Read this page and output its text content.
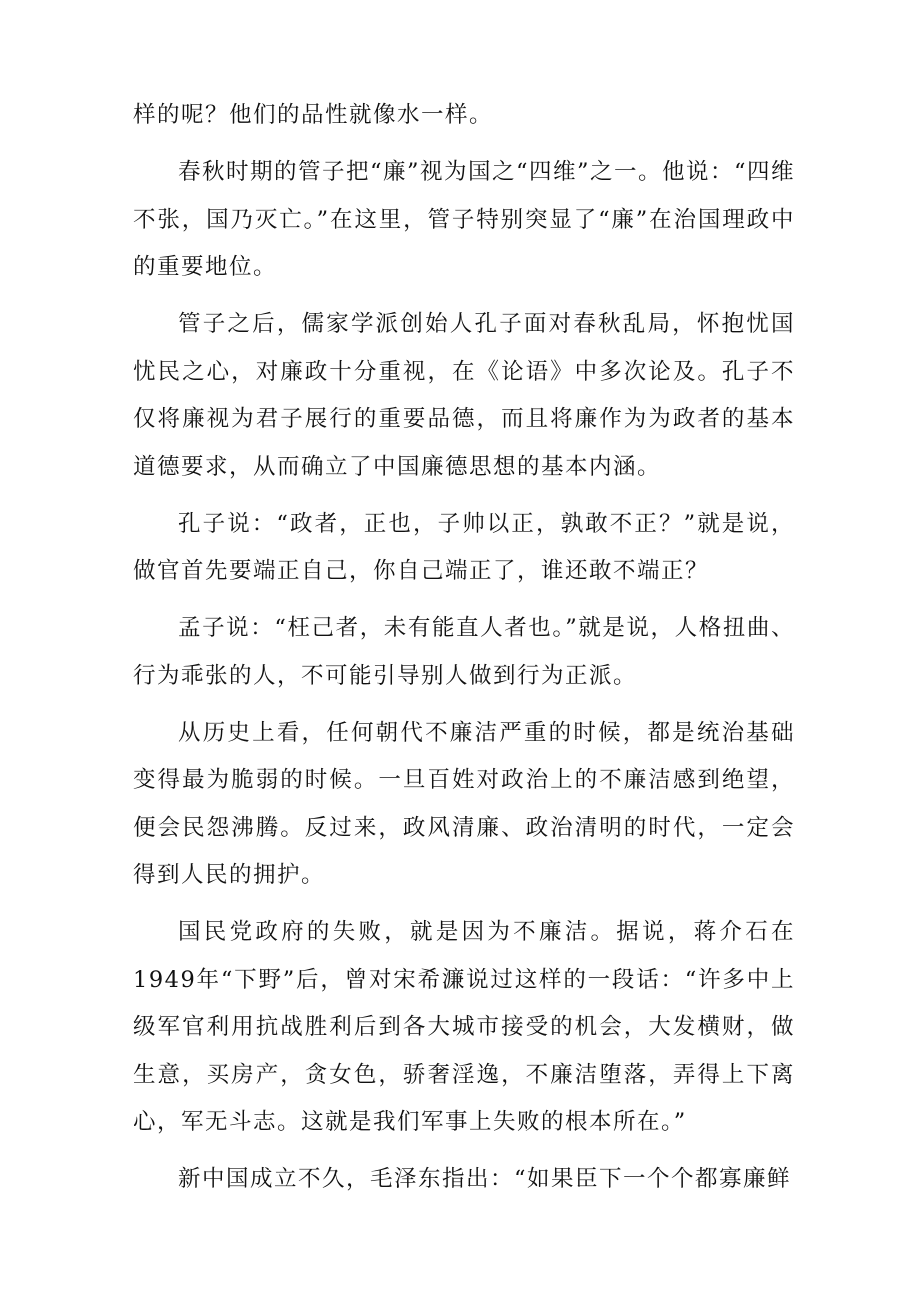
样的呢？他们的品性就像水一样。

春秋时期的管子把“廉”视为国之“四维”之一。他说：“四维不张，国乃灭亡。”在这里，管子特别突显了“廉”在治国理政中的重要地位。

管子之后，儒家学派创始人孔子面对春秋乱局，怀抱忧国忧民之心，对廉政十分重视，在《论语》中多次论及。孔子不仅将廉视为君子展行的重要品德，而且将廉作为为政者的基本道德要求，从而确立了中国廉德思想的基本内涵。

孔子说：“政者，正也，子帅以正，孰敢不正？”就是说，做官首先要端正自己，你自己端正了，谁还敢不端正？

孟子说：“枉己者，未有能直人者也。”就是说，人格扭曲、行为乖张的人，不可能引导别人做到行为正派。

从历史上看，任何朝代不廉洁严重的时候，都是统治基础变得最为脆弱的时候。一旦百姓对政治上的不廉洁感到绝望，便会民怨沸腾。反过来，政风清廉、政治清明的时代，一定会得到人民的拥护。

国民党政府的失败，就是因为不廉洁。据说，蒋介石在1949年“下野”后，曾对宋希濂说过这样的一段话：“许多中上级军官利用抗战胜利后到各大城市接受的机会，大发横财，做生意，买房产，贪女色，骄奢淫逸，不廉洁堕落，弄得上下离心，军无斗志。这就是我们军事上失败的根本所在。”

新中国成立不久，毛泽东指出：“如果臣下一个个都寡廉鲜
